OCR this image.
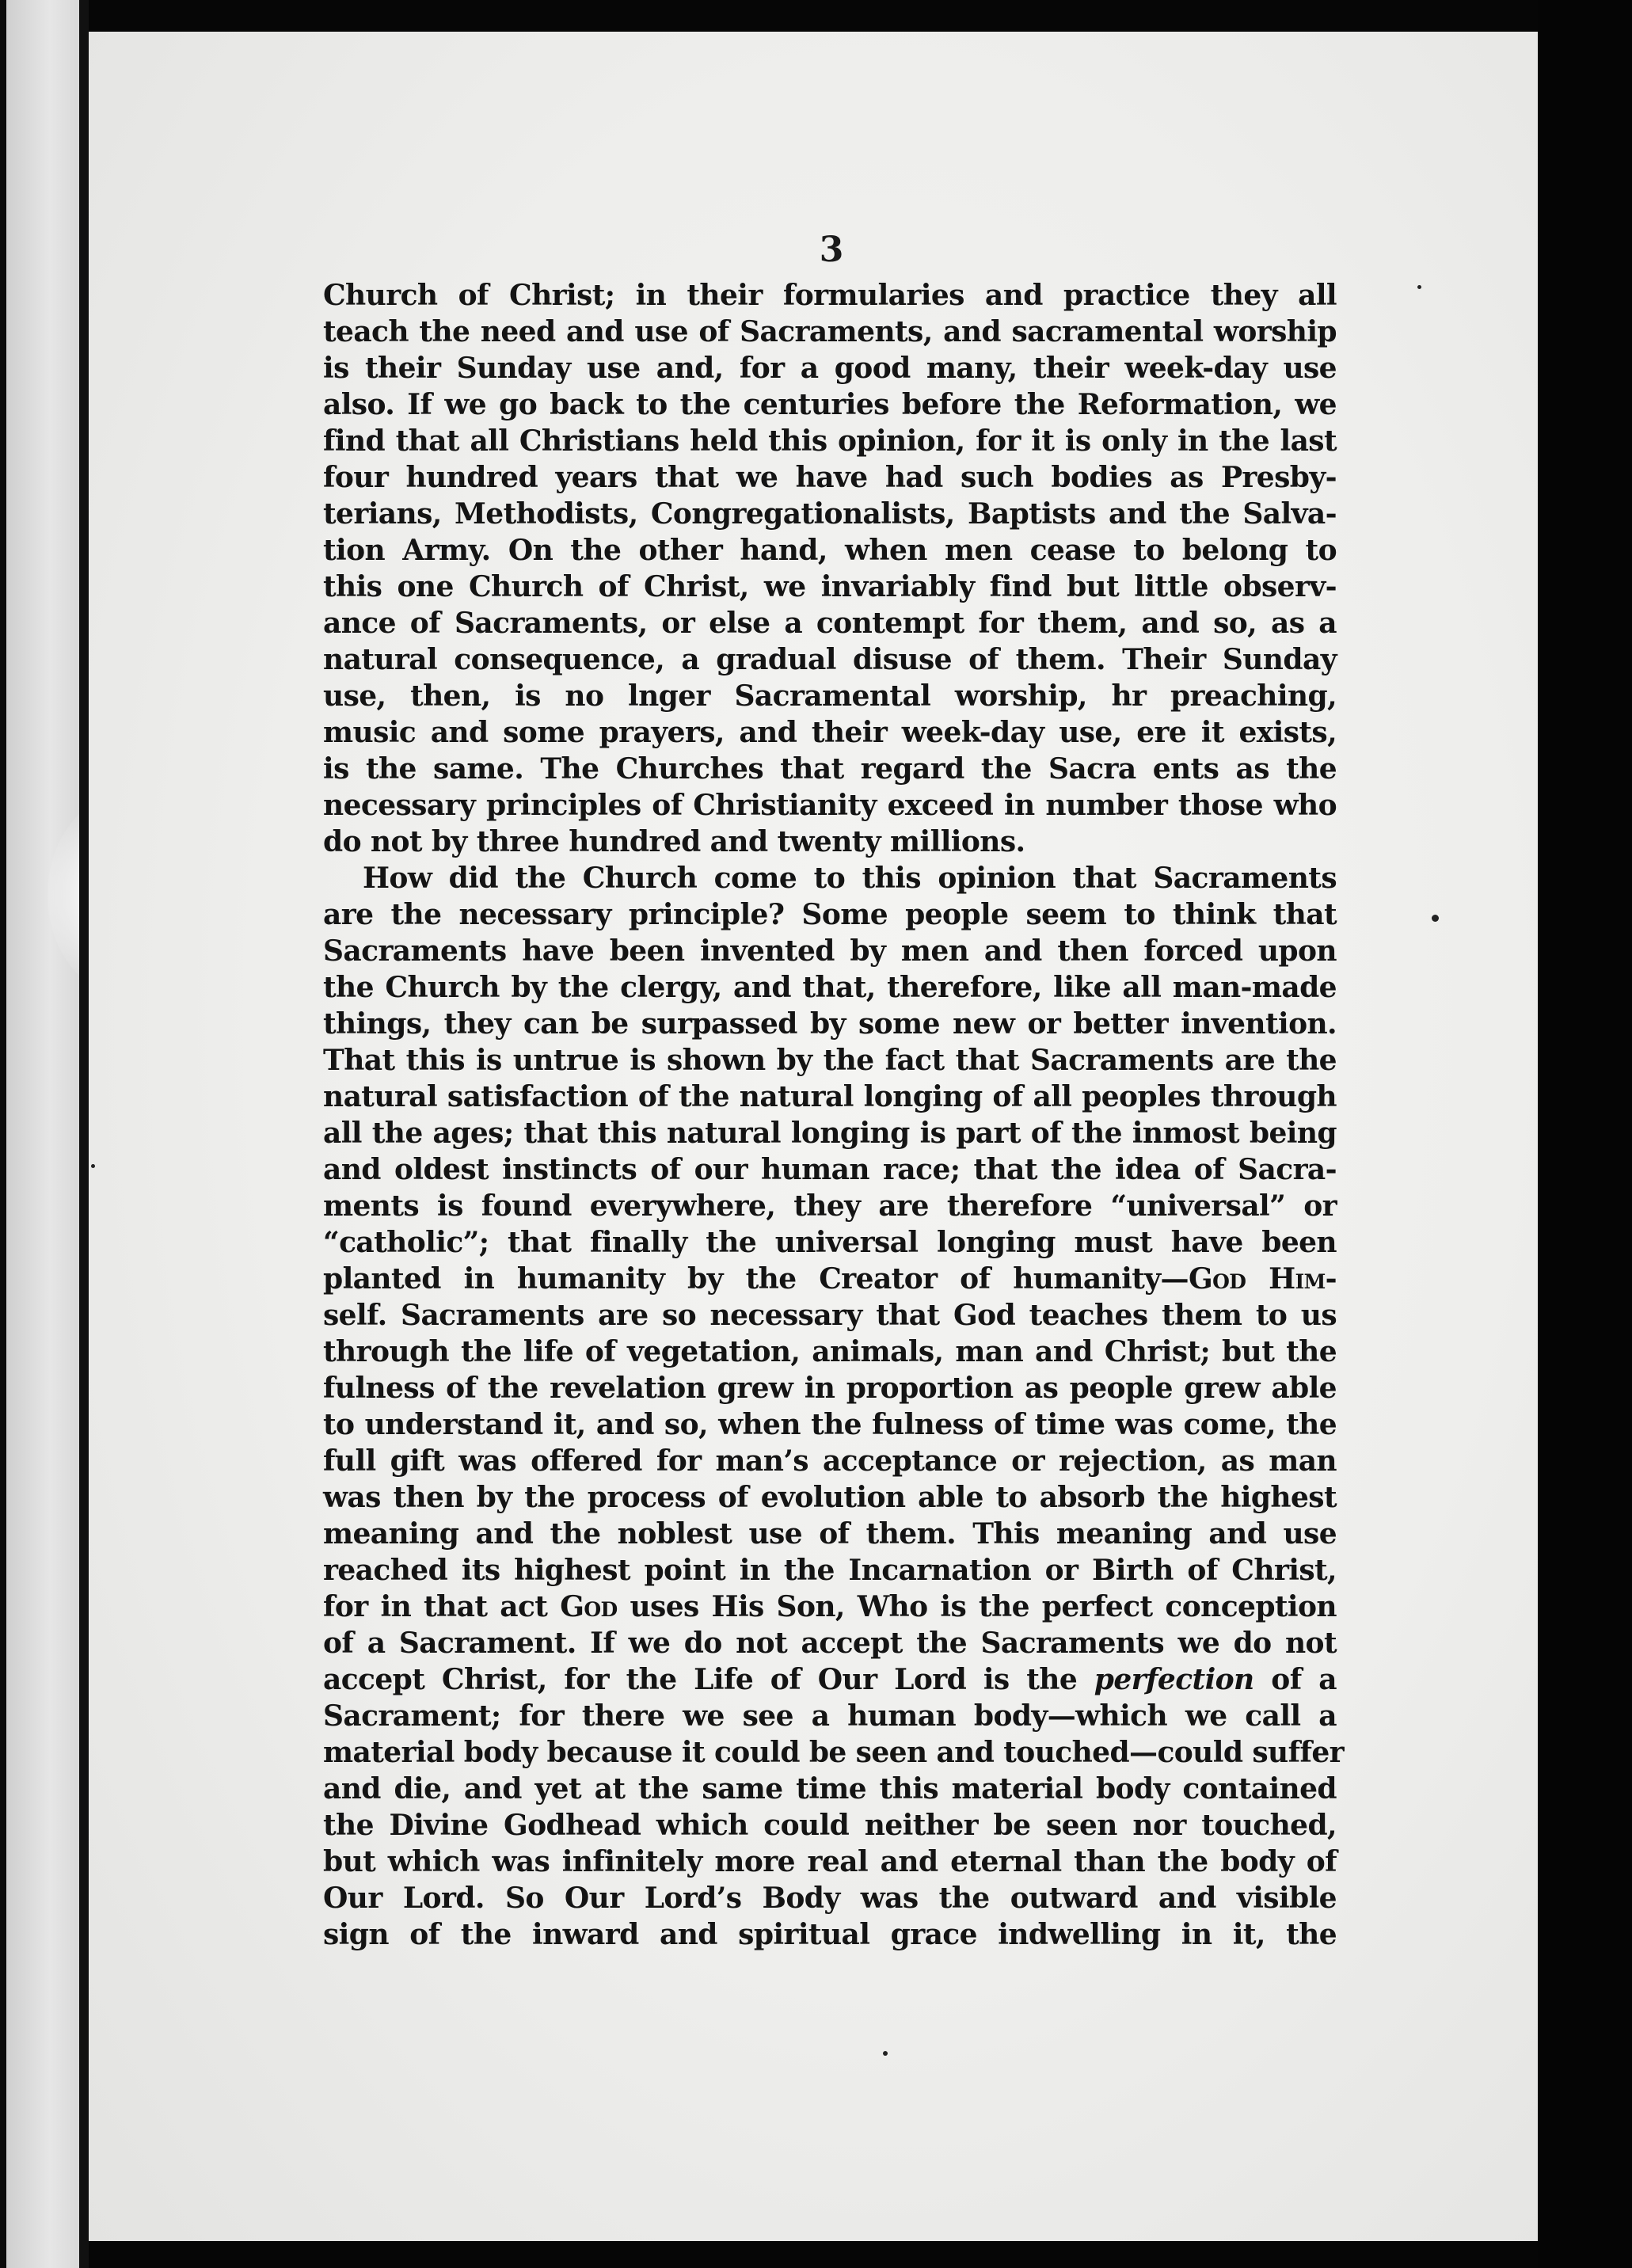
3
Church of Christ; in their formularies and practice they all
teach the need and use of Sacraments, and sacramental worship
is their Sunday use and, for a good many, their week-day use
also. If we go back to the centuries before the Reformation, we
find that all Christians held this opinion, for it is only in the last
four hundred years that we have had such bodies as Presby-
terians, Methodists, Congregationalists, Baptists and the Salva-
tion Army. On the other hand, when men cease to belong to
this one Church of Christ, we invariably find but little observ-
ance of Sacraments, or else a contempt for them, and so, as a
natural consequence, a gradual disuse of them. Their Sunday
use, then, is no lnger Sacramental worship, hr preaching,
music and some prayers, and their week-day use, ere it exists,
is the same. The Churches that regard the Sacra ents as the
necessary principles of Christianity exceed in number those who
do not by three hundred and twenty millions.
How did the Church come to this opinion that Sacraments
are the necessary principle? Some people seem to think that
Sacraments have been invented by men and then forced upon
the Church by the clergy, and that, therefore, like all man-made
things, they can be surpassed by some new or better invention.
That this is untrue is shown by the fact that Sacraments are the
natural satisfaction of the natural longing of all peoples through
all the ages; that this natural longing is part of the inmost being
and oldest instincts of our human race; that the idea of Sacra-
ments is found everywhere, they are therefore “universal” or
“catholic”; that finally the universal longing must have been
planted in humanity by the Creator of humanity—God Him-
self. Sacraments are so necessary that God teaches them to us
through the life of vegetation, animals, man and Christ; but the
fulness of the revelation grew in proportion as people grew able
to understand it, and so, when the fulness of time was come, the
full gift was offered for man’s acceptance or rejection, as man
was then by the process of evolution able to absorb the highest
meaning and the noblest use of them. This meaning and use
reached its highest point in the Incarnation or Birth of Christ,
for in that act God uses His Son, Who is the perfect conception
of a Sacrament. If we do not accept the Sacraments we do not
accept Christ, for the Life of Our Lord is the perfection of a
Sacrament; for there we see a human body—which we call a
material body because it could be seen and touched—could suffer
and die, and yet at the same time this material body contained
the Divine Godhead which could neither be seen nor touched,
but which was infinitely more real and eternal than the body of
Our Lord. So Our Lord’s Body was the outward and visible
sign of the inward and spiritual grace indwelling in it, the
